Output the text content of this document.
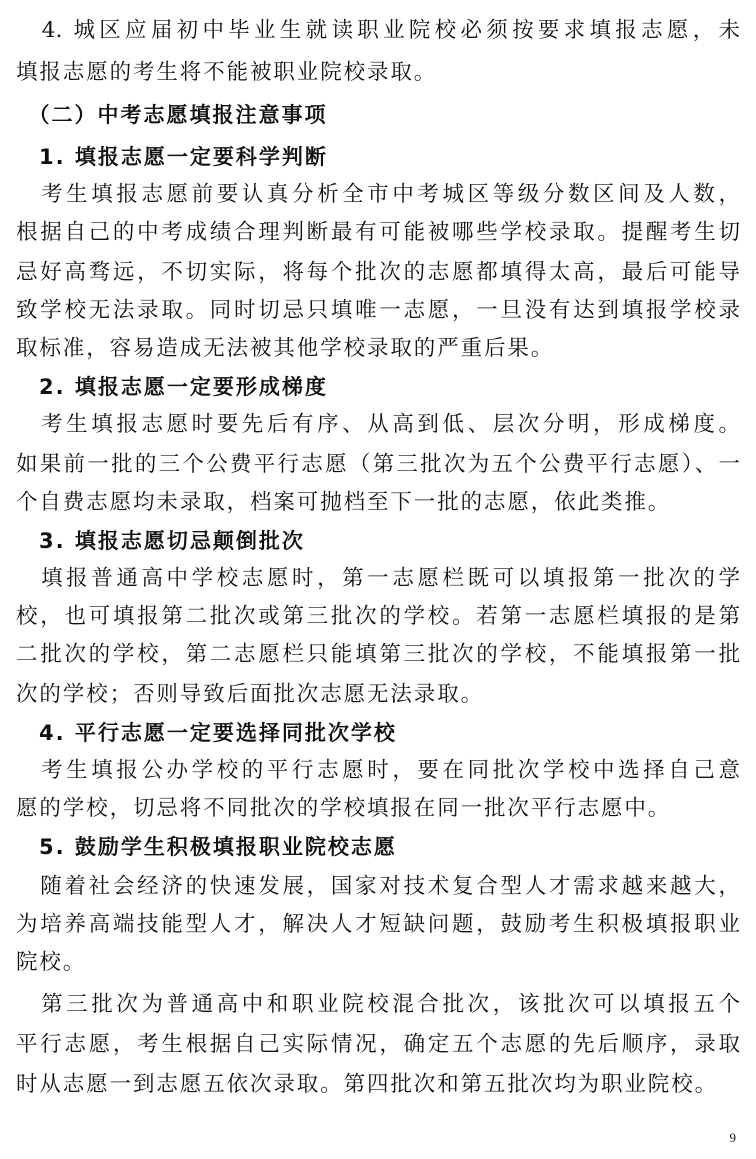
　4. 城区应届初中毕业生就读职业院校必须按要求填报志愿，未
填报志愿的考生将不能被职业院校录取。
　（二）中考志愿填报注意事项
　1. 填报志愿一定要科学判断
　考生填报志愿前要认真分析全市中考城区等级分数区间及人数，
根据自己的中考成绩合理判断最有可能被哪些学校录取。提醒考生切
忌好高骛远，不切实际，将每个批次的志愿都填得太高，最后可能导
致学校无法录取。同时切忌只填唯一志愿，一旦没有达到填报学校录
取标准，容易造成无法被其他学校录取的严重后果。
　2. 填报志愿一定要形成梯度
　考生填报志愿时要先后有序、从高到低、层次分明，形成梯度。
如果前一批的三个公费平行志愿（第三批次为五个公费平行志愿）、一
个自费志愿均未录取，档案可抛档至下一批的志愿，依此类推。
　3. 填报志愿切忌颠倒批次
　填报普通高中学校志愿时，第一志愿栏既可以填报第一批次的学
校，也可填报第二批次或第三批次的学校。若第一志愿栏填报的是第
二批次的学校，第二志愿栏只能填第三批次的学校，不能填报第一批
次的学校；否则导致后面批次志愿无法录取。
　4. 平行志愿一定要选择同批次学校
　考生填报公办学校的平行志愿时，要在同批次学校中选择自己意
愿的学校，切忌将不同批次的学校填报在同一批次平行志愿中。
　5. 鼓励学生积极填报职业院校志愿
　随着社会经济的快速发展，国家对技术复合型人才需求越来越大，
为培养高端技能型人才，解决人才短缺问题，鼓励考生积极填报职业
院校。
　第三批次为普通高中和职业院校混合批次，该批次可以填报五个
平行志愿，考生根据自己实际情况，确定五个志愿的先后顺序，录取
时从志愿一到志愿五依次录取。第四批次和第五批次均为职业院校。
9
